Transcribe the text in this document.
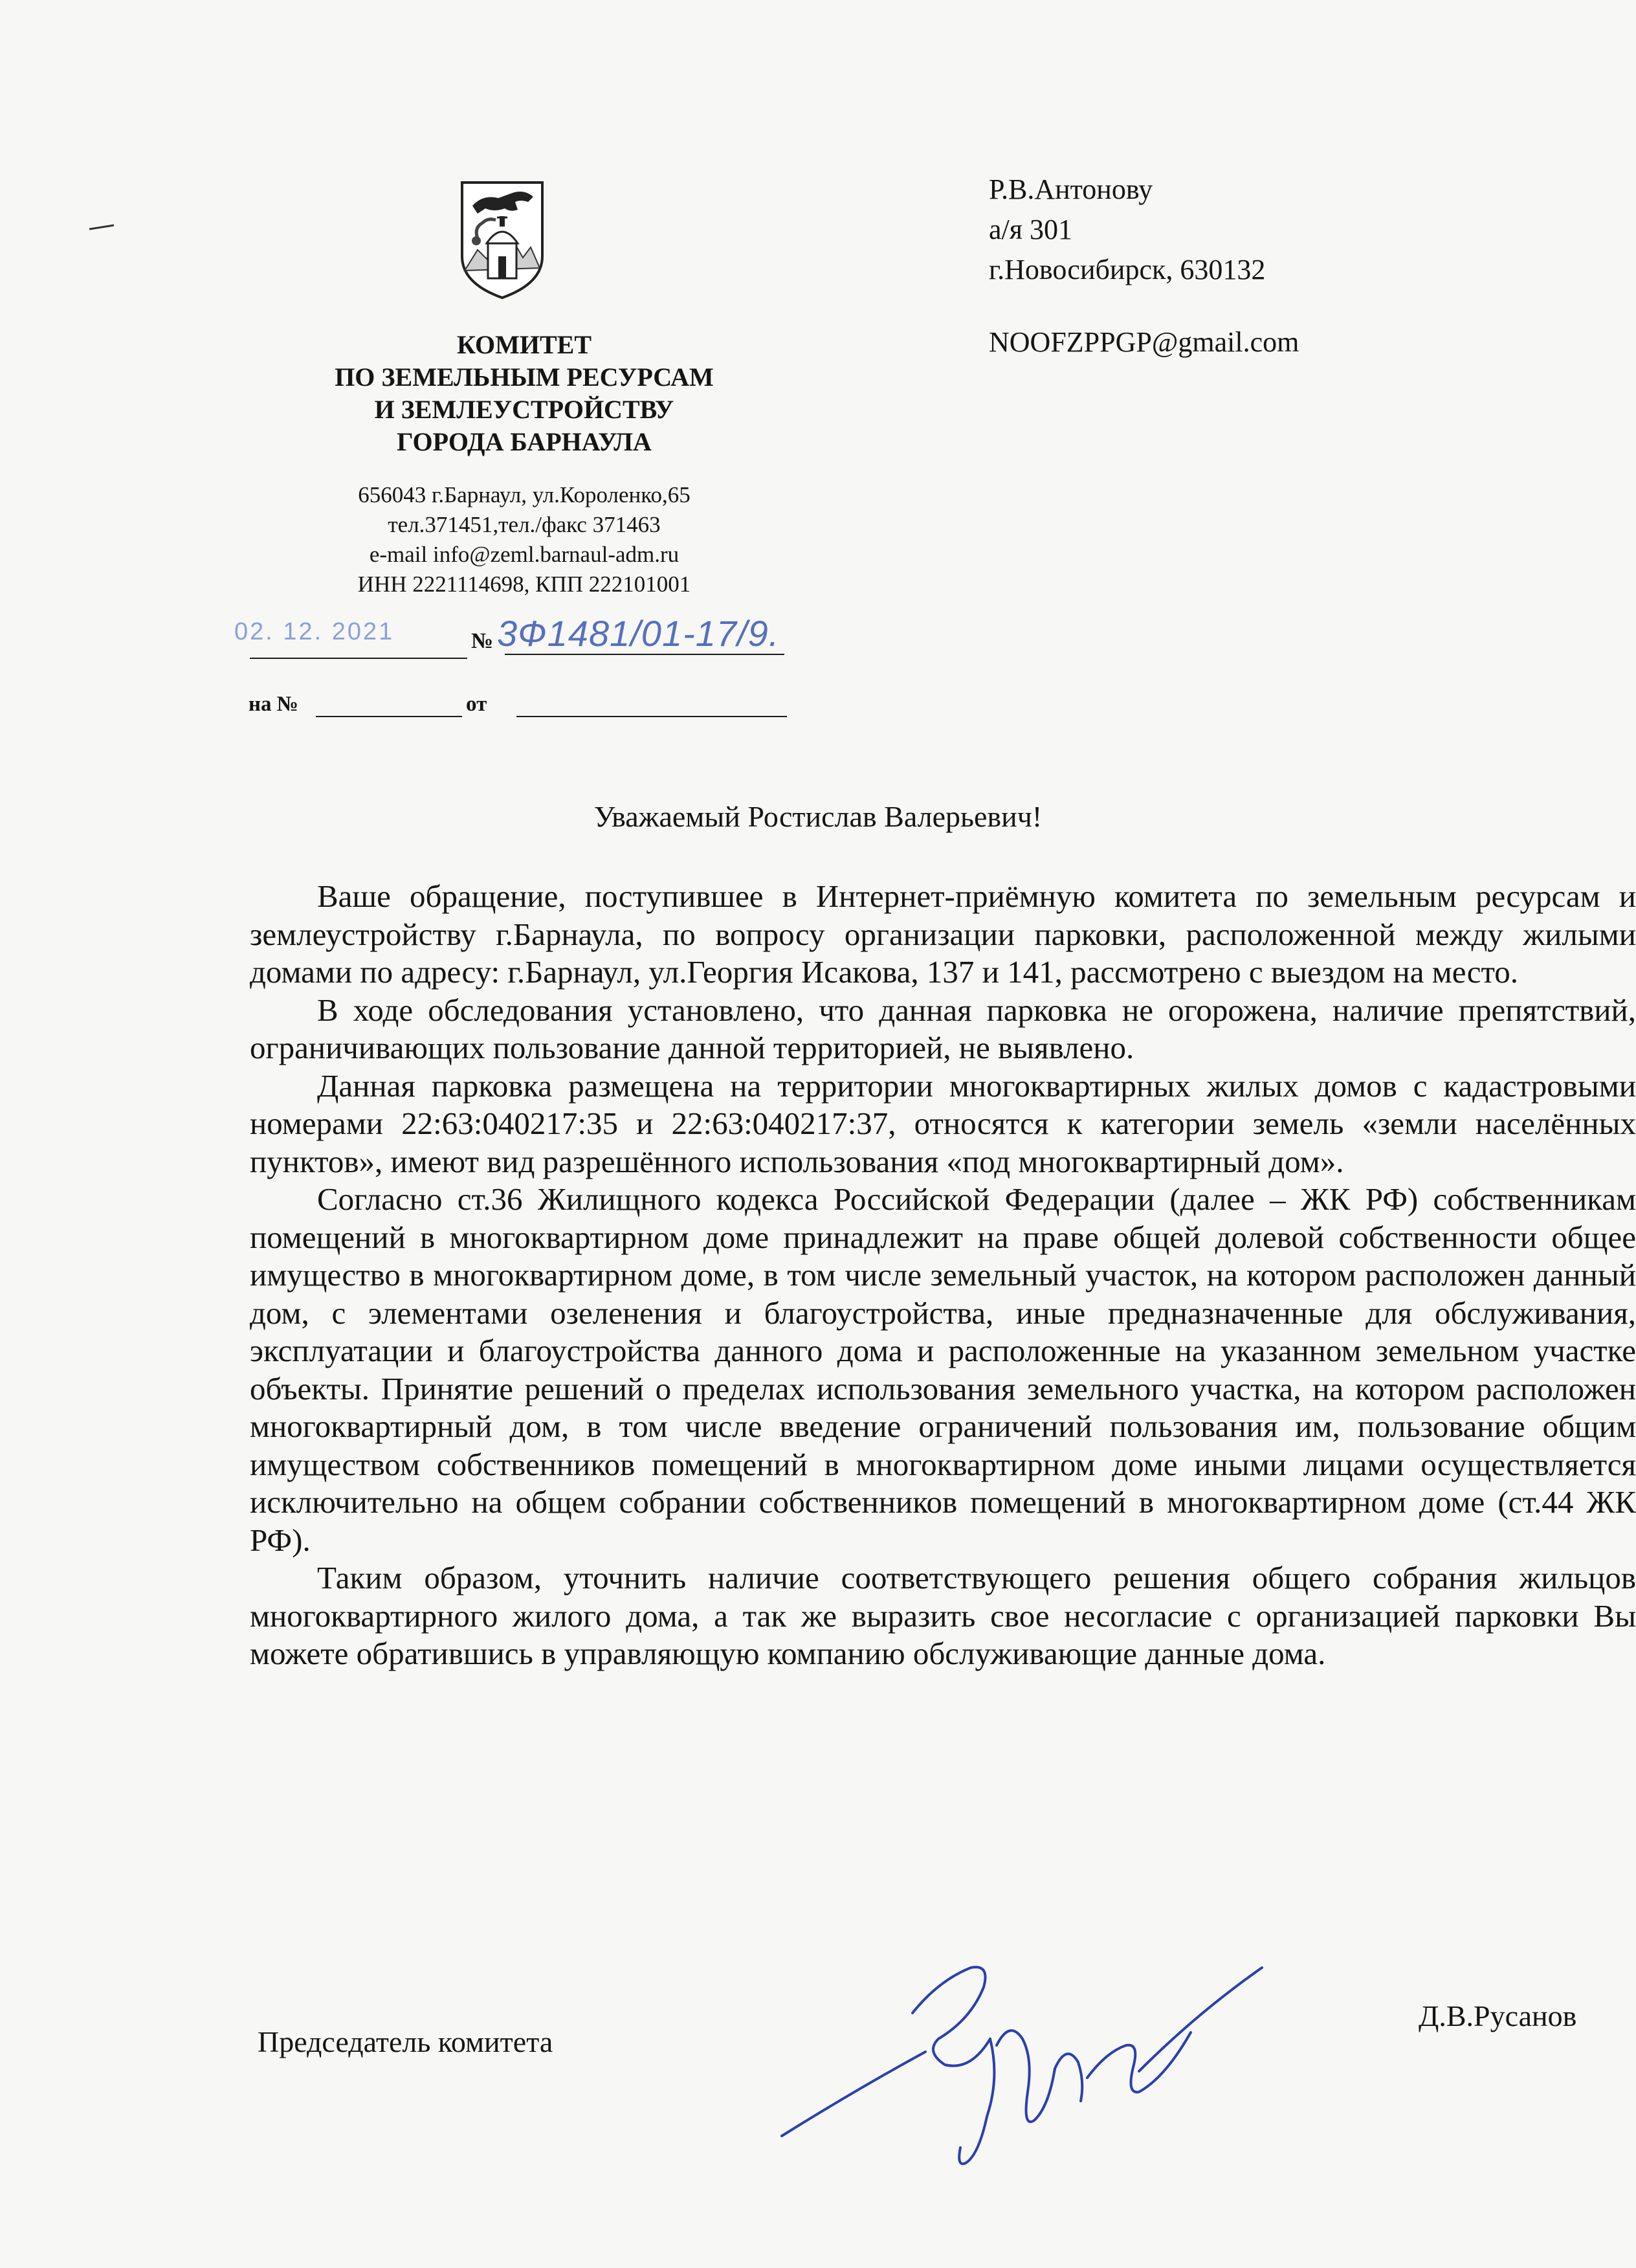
КОМИТЕТ
ПО ЗЕМЕЛЬНЫМ РЕСУРСАМ
И ЗЕМЛЕУСТРОЙСТВУ
ГОРОДА БАРНАУЛА
656043 г.Барнаул, ул.Короленко,65
тел.371451,тел./факс 371463
e-mail info@zeml.barnaul-adm.ru
ИНН 2221114698, КПП 222101001
02. 12. 2021	№ 3Ф1481/01-17/9.
на №	от
Р.В.Антонову
а/я 301
г.Новосибирск, 630132
NOOFZPPGP@gmail.com
Уважаемый Ростислав Валерьевич!

Ваше обращение, поступившее в Интернет-приёмную комитета по земельным ресурсам и землеустройству г.Барнаула, по вопросу организации парковки, расположенной между жилыми домами по адресу: г.Барнаул, ул.Георгия Исакова, 137 и 141, рассмотрено с выездом на место.

В ходе обследования установлено, что данная парковка не огорожена, наличие препятствий, ограничивающих пользование данной территорией, не выявлено.

Данная парковка размещена на территории многоквартирных жилых домов с кадастровыми номерами 22:63:040217:35 и 22:63:040217:37, относятся к категории земель «земли населённых пунктов», имеют вид разрешённого использования «под многоквартирный дом».

Согласно ст.36 Жилищного кодекса Российской Федерации (далее – ЖК РФ) собственникам помещений в многоквартирном доме принадлежит на праве общей долевой собственности общее имущество в многоквартирном доме, в том числе земельный участок, на котором расположен данный дом, с элементами озеленения и благоустройства, иные предназначенные для обслуживания, эксплуатации и благоустройства данного дома и расположенные на указанном земельном участке объекты. Принятие решений о пределах использования земельного участка, на котором расположен многоквартирный дом, в том числе введение ограничений пользования им, пользование общим имуществом собственников помещений в многоквартирном доме иными лицами осуществляется исключительно на общем собрании собственников помещений в многоквартирном доме (ст.44 ЖК РФ).

Таким образом, уточнить наличие соответствующего решения общего собрания жильцов многоквартирного жилого дома, а так же выразить свое несогласие с организацией парковки Вы можете обратившись в управляющую компанию обслуживающие данные дома.

Председатель комитета
Д.В.Русанов
